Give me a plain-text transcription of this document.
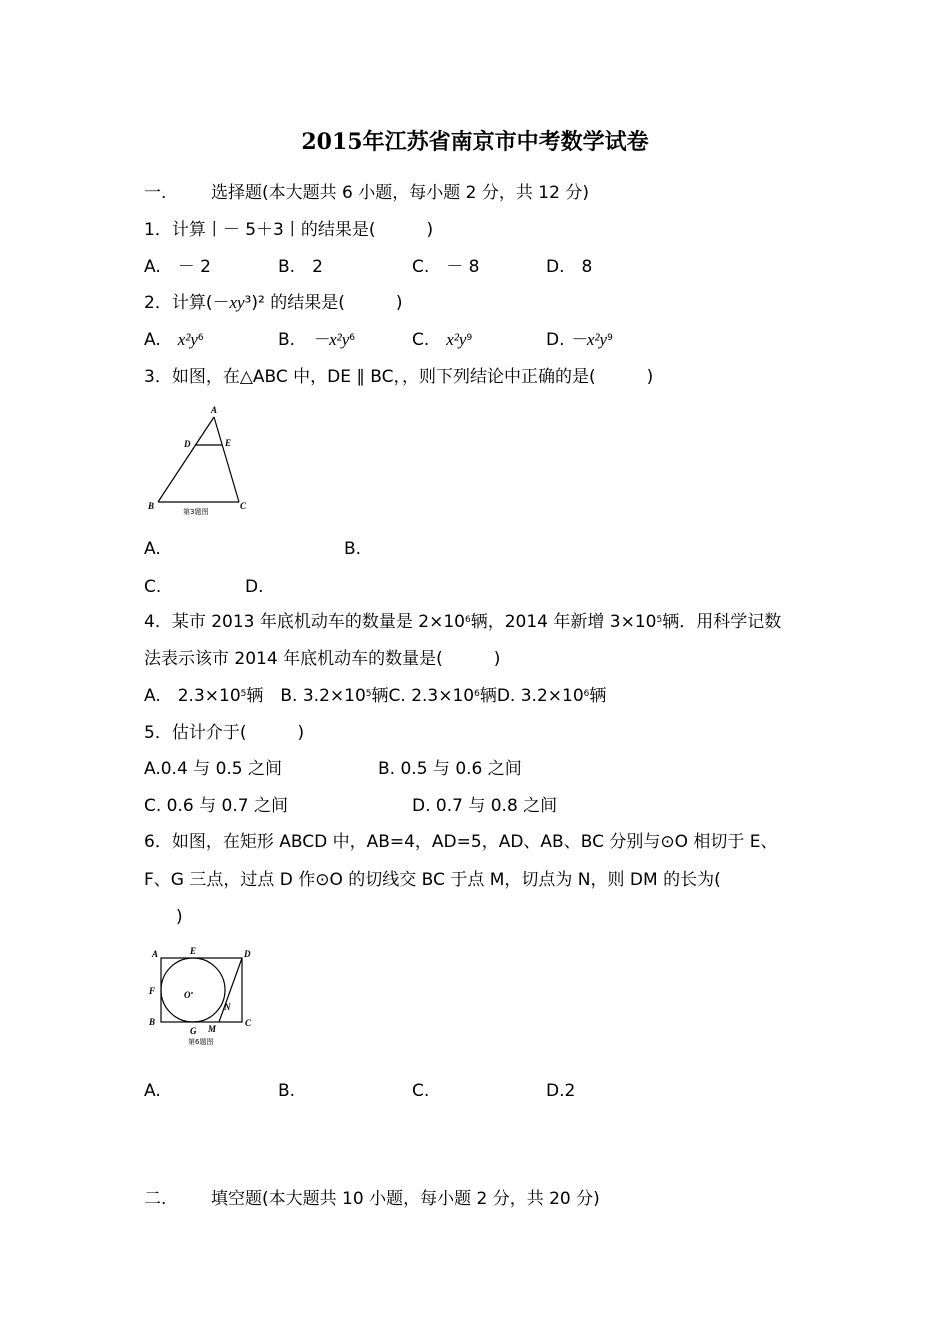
2015年江苏省南京市中考数学试卷
一.	选择题(本大题共 6 小题，每小题 2 分，共 12 分)
1．计算丨－ 5＋3丨的结果是(　　　)
A.　－ 2	B.　2	C.　－ 8	D.　8
2．计算(－xy³)² 的结果是(　　　)
A.　 $x^2y^6$	B.　 $-x^2y^6$	C.　 $x^2y^9$	D. $-x^2y^9$
3．如图，在△ABC 中，DE ∥ BC，，则下列结论中正确的是(　　　)
A
D	E
B	C
第3题图
A.	B.
C.	D.
4．某市 2013 年底机动车的数量是 $2\times 10^6$辆，2014 年新增 $3\times 10^5$辆．用科学记数
法表示该市 2014 年底机动车的数量是(　　　)
A.　$2.3\times 10^5$辆　 B. $3.2\times 10^5$辆C. $2.3\times 10^6$辆D. $3.2\times 10^6$辆
5．估计介于(　　　)
A.0.4 与 0.5 之间	B. 0.5 与 0.6 之间
C. 0.6 与 0.7 之间	D. 0.7 与 0.8 之间
6．如图，在矩形 ABCD 中，AB=4，AD=5，AD、AB、BC 分别与⊙O 相切于 E、
F、G 三点，过点 D 作⊙O 的切线交 BC 于点 M，切点为 N，则 DM 的长为(
)
A	E	D
F	O
N
B
G M
C
第6题图
A.	B.	C.	D.2
二.	填空题(本大题共 10 小题，每小题 2 分，共 20 分)
